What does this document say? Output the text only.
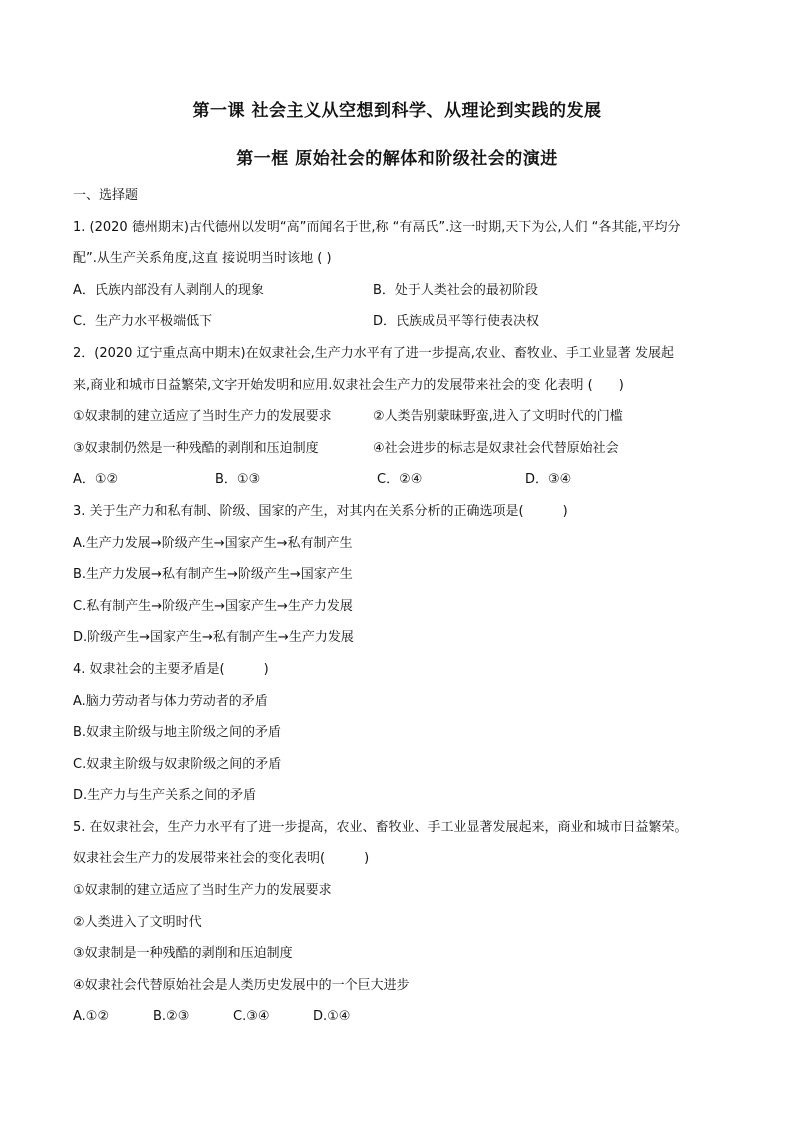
第一课 社会主义从空想到科学、从理论到实践的发展
第一框 原始社会的解体和阶级社会的演进
一、选择题
1. (2020 德州期末)古代德州以发明“高”而闻名于世,称 “有鬲氏”.这一时期,天下为公,人们 “各其能,平均分
配”.从生产关系角度,这直 接说明当时该地 ( )
A．氏族内部没有人剥削人的现象	B．处于人类社会的最初阶段
C．生产力水平极端低下	D．氏族成员平等行使表决权
2．(2020 辽宁重点高中期末)在奴隶社会,生产力水平有了进一步提高,农业、畜牧业、手工业显著 发展起
来,商业和城市日益繁荣,文字开始发明和应用.奴隶社会生产力的发展带来社会的变 化表明 (　　)
①奴隶制的建立适应了当时生产力的发展要求	②人类告别蒙昧野蛮,进入了文明时代的门槛
③奴隶制仍然是一种残酷的剥削和压迫制度	④社会进步的标志是奴隶社会代替原始社会
A．①②	B．①③	C．②④	D．③④
3. 关于生产力和私有制、阶级、国家的产生，对其内在关系分析的正确选项是(　　　)
A.生产力发展→阶级产生→国家产生→私有制产生
B.生产力发展→私有制产生→阶级产生→国家产生
C.私有制产生→阶级产生→国家产生→生产力发展
D.阶级产生→国家产生→私有制产生→生产力发展
4. 奴隶社会的主要矛盾是(　　　)
A.脑力劳动者与体力劳动者的矛盾
B.奴隶主阶级与地主阶级之间的矛盾
C.奴隶主阶级与奴隶阶级之间的矛盾
D.生产力与生产关系之间的矛盾
5. 在奴隶社会，生产力水平有了进一步提高，农业、畜牧业、手工业显著发展起来，商业和城市日益繁荣。
奴隶社会生产力的发展带来社会的变化表明(　　　)
①奴隶制的建立适应了当时生产力的发展要求
②人类进入了文明时代
③奴隶制是一种残酷的剥削和压迫制度
④奴隶社会代替原始社会是人类历史发展中的一个巨大进步
A.①②	B.②③	C.③④	D.①④
